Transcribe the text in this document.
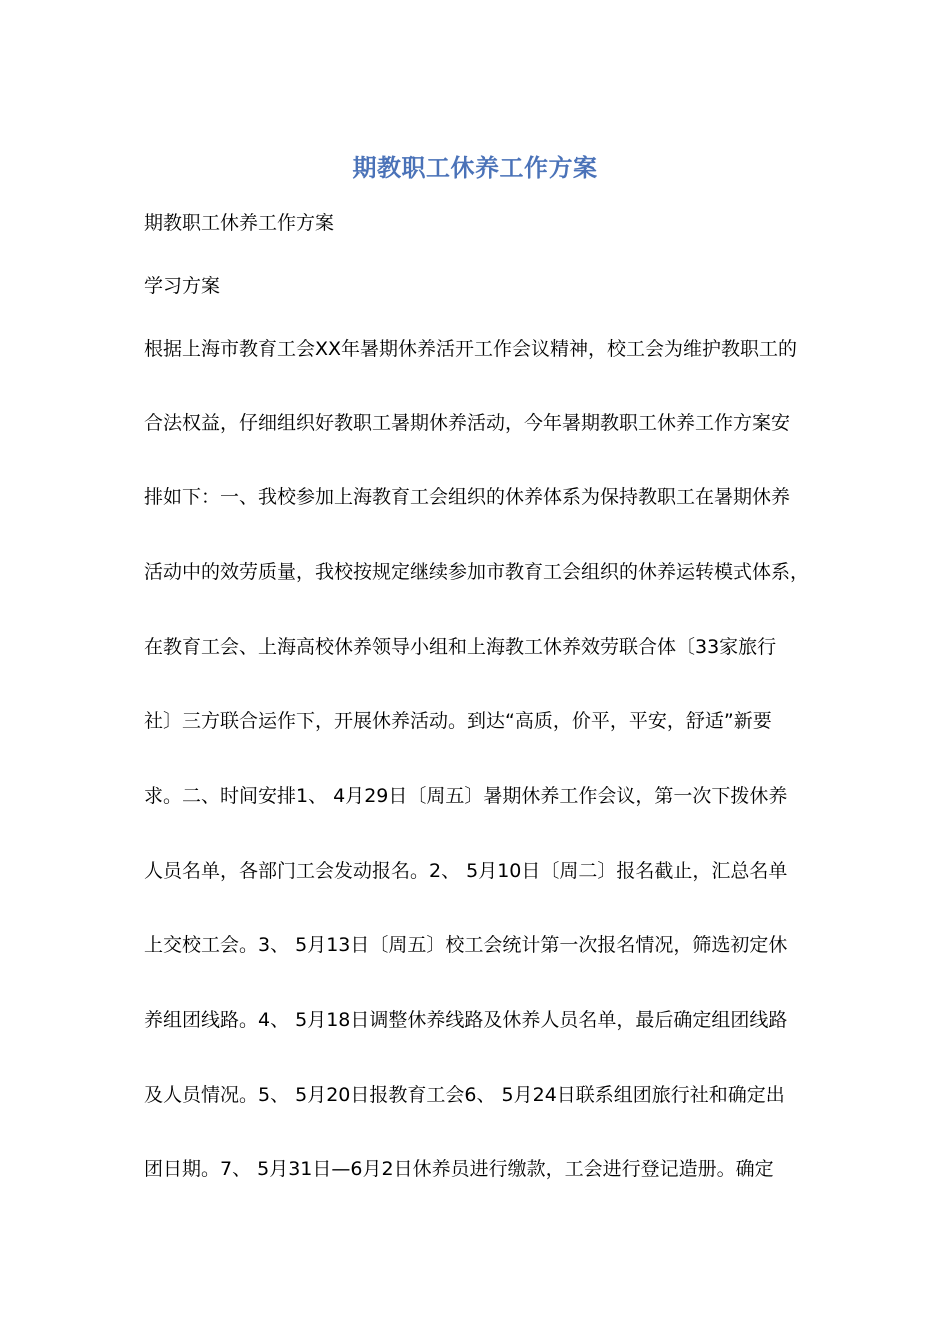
期教职工休养工作方案
期教职工休养工作方案
学习方案
根据上海市教育工会XX年暑期休养活开工作会议精神，校工会为维护教职工的
合法权益，仔细组织好教职工暑期休养活动，今年暑期教职工休养工作方案安
排如下：一、我校参加上海教育工会组织的休养体系为保持教职工在暑期休养
活动中的效劳质量，我校按规定继续参加市教育工会组织的休养运转模式体系，
在教育工会、上海高校休养领导小组和上海教工休养效劳联合体〔33家旅行
社〕三方联合运作下，开展休养活动。到达“高质，价平，平安，舒适”新要
求。二、时间安排1、 4月29日〔周五〕暑期休养工作会议，第一次下拨休养
人员名单，各部门工会发动报名。2、 5月10日〔周二〕报名截止，汇总名单
上交校工会。3、 5月13日〔周五〕校工会统计第一次报名情况，筛选初定休
养组团线路。4、 5月18日调整休养线路及休养人员名单，最后确定组团线路
及人员情况。5、 5月20日报教育工会6、 5月24日联系组团旅行社和确定出
团日期。7、 5月31日—6月2日休养员进行缴款，工会进行登记造册。确定
